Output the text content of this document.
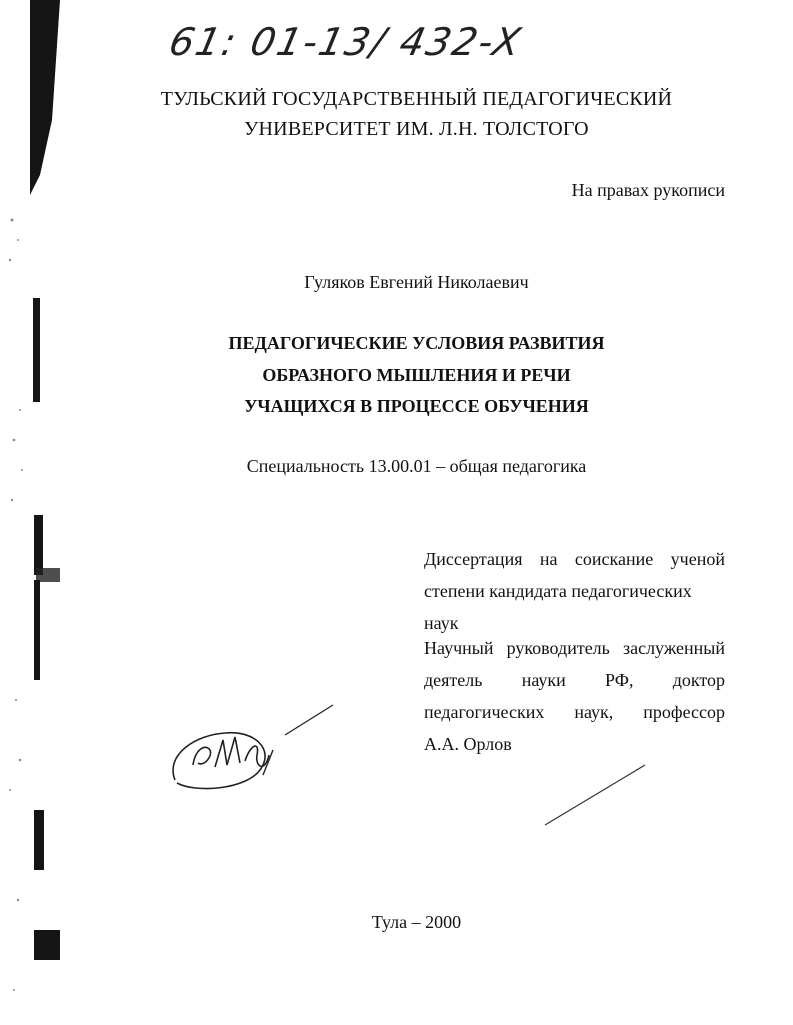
61: 01-13/ 432-X
ТУЛЬСКИЙ ГОСУДАРСТВЕННЫЙ ПЕДАГОГИЧЕСКИЙ
УНИВЕРСИТЕТ ИМ. Л.Н. ТОЛСТОГО
На правах рукописи
Гуляков Евгений Николаевич
ПЕДАГОГИЧЕСКИЕ УСЛОВИЯ РАЗВИТИЯ
ОБРАЗНОГО МЫШЛЕНИЯ И РЕЧИ
УЧАЩИХСЯ В ПРОЦЕССЕ ОБУЧЕНИЯ
Специальность 13.00.01 – общая педагогика
Диссертация на соискание ученой
степени кандидата педагогических наук
Научный руководитель заслуженный
деятель науки РФ, доктор
педагогических наук, профессор
А.А. Орлов
Тула – 2000
